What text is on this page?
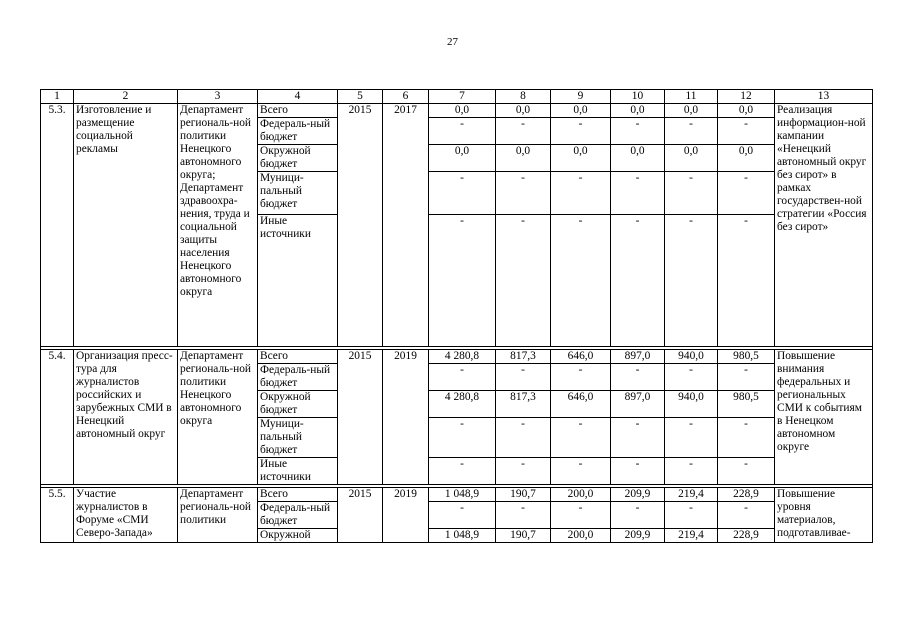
27
1	2	3	4	5	6	7	8	9	10	11	12	13
5.3.	Изготовление и размещение социальной рекламы	Департамент региональ-ной политики Ненецкого автономного округа; Департамент здравоохра-нения, труда и социальной защиты населения Ненецкого автономного округа	Всего	2015	2017	0,0	0,0	0,0	0,0	0,0	0,0	Реализация информацион-ной кампании «Ненецкий автономный округ без сирот» в рамках государствен-ной стратегии «Россия без сирот»
			Федераль-ный бюджет			-	-	-	-	-	-	
			Окружной бюджет			0,0	0,0	0,0	0,0	0,0	0,0	
			Муници-пальный бюджет			-	-	-	-	-	-	
			Иные источники			-	-	-	-	-	-	

5.4.	Организация пресс-тура для журналистов российских и зарубежных СМИ в Ненецкий автономный округ	Департамент региональ-ной политики Ненецкого автономного округа	Всего	2015	2019	4 280,8	817,3	646,0	897,0	940,0	980,5	Повышение внимания федеральных и региональных СМИ к событиям в Ненецком автономном округе
			Федераль-ный бюджет			-	-	-	-	-	-	
			Окружной бюджет			4 280,8	817,3	646,0	897,0	940,0	980,5	
			Муници-пальный бюджет			-	-	-	-	-	-	
			Иные источники			-	-	-	-	-	-	

5.5.	Участие журналистов в Форуме «СМИ Северо-Запада»	Департамент региональ-ной политики	Всего	2015	2019	1 048,9	190,7	200,0	209,9	219,4	228,9	Повышение уровня материалов, подготавливае-
			Федераль-ный бюджет			-	-	-	-	-	-	
			Окружной			1 048,9	190,7	200,0	209,9	219,4	228,9	
